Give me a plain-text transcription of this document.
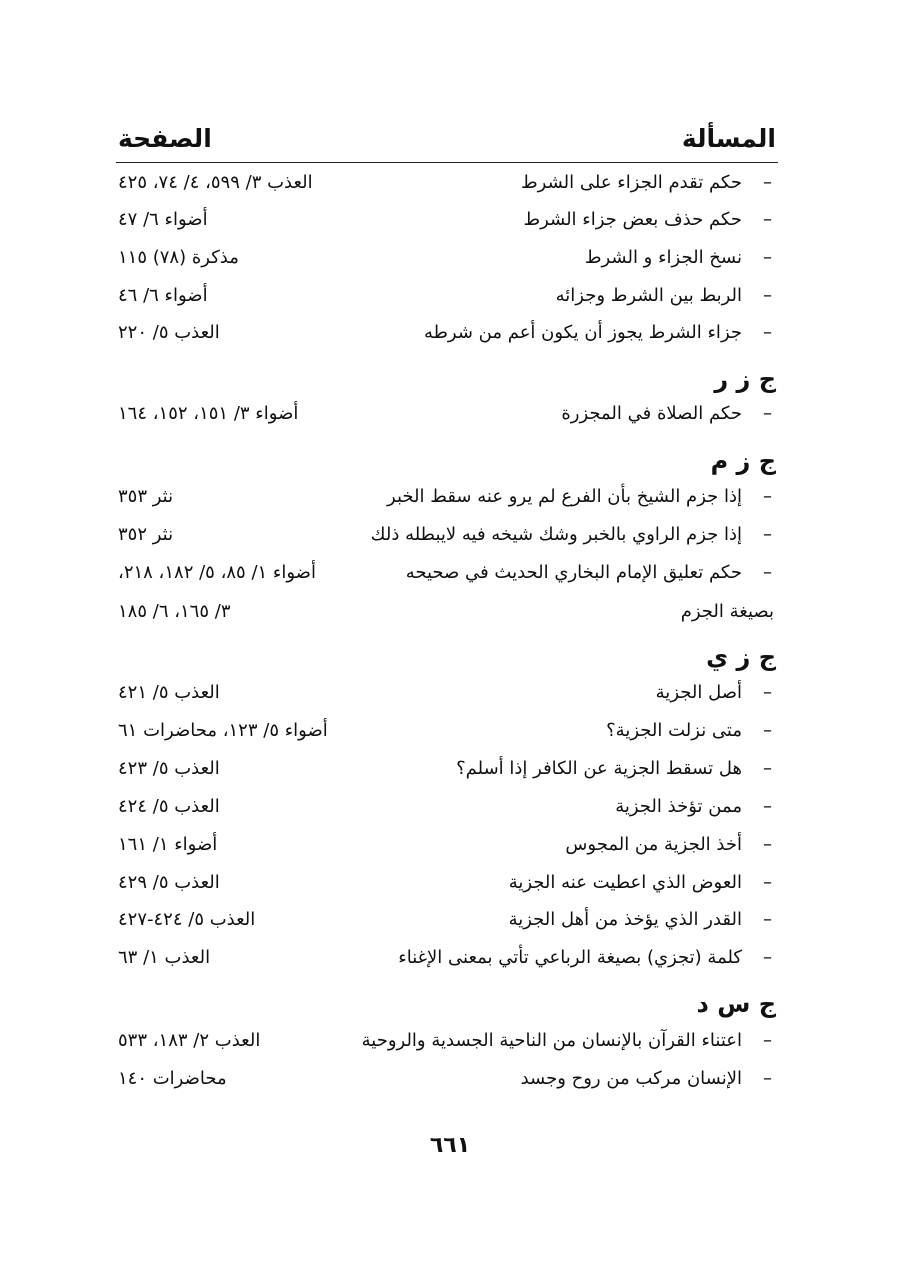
المسألة
الصفحة
–
حكم تقدم الجزاء على الشرط
العذب ٣/ ٥٩٩، ٤/ ٧٤، ٤٢٥
–
حكم حذف بعض جزاء الشرط
أضواء ٦/ ٤٧
–
نسخ الجزاء و الشرط
مذكرة (٧٨) ١١٥
–
الربط بين الشرط وجزائه
أضواء ٦/ ٤٦
–
جزاء الشرط يجوز أن يكون أعم من شرطه
العذب ٥/ ٢٢٠
ج ز ر
–
حكم الصلاة في المجزرة
أضواء ٣/ ١٥١، ١٥٢، ١٦٤
ج ز م
–
إذا جزم الشيخ بأن الفرع لم يرو عنه سقط الخبر
نثر ٣٥٣
–
إذا جزم الراوي بالخبر وشك شيخه فيه لايبطله ذلك
نثر ٣٥٢
–
حكم تعليق الإمام البخاري الحديث في صحيحه
أضواء ١/ ٨٥، ٥/ ١٨٢، ٢١٨،
بصيغة الجزم
٣/ ١٦٥، ٦/ ١٨٥
ج ز ي
–
أصل الجزية
العذب ٥/ ٤٢١
–
متى نزلت الجزية؟
أضواء ٥/ ١٢٣، محاضرات ٦١
–
هل تسقط الجزية عن الكافر إذا أسلم؟
العذب ٥/ ٤٢٣
–
ممن تؤخذ الجزية
العذب ٥/ ٤٢٤
–
أخذ الجزية من المجوس
أضواء ١/ ١٦١
–
العوض الذي اعطيت عنه الجزية
العذب ٥/ ٤٢٩
–
القدر الذي يؤخذ من أهل الجزية
العذب ٥/ ٤٢٤-٤٢٧
–
كلمة (تجزي) بصيغة الرباعي تأتي بمعنى الإغناء
العذب ١/ ٦٣
ج س د
–
اعتناء القرآن بالإنسان من الناحية الجسدية والروحية
العذب ٢/ ١٨٣، ٥٣٣
–
الإنسان مركب من روح وجسد
محاضرات ١٤٠
٦٦١
